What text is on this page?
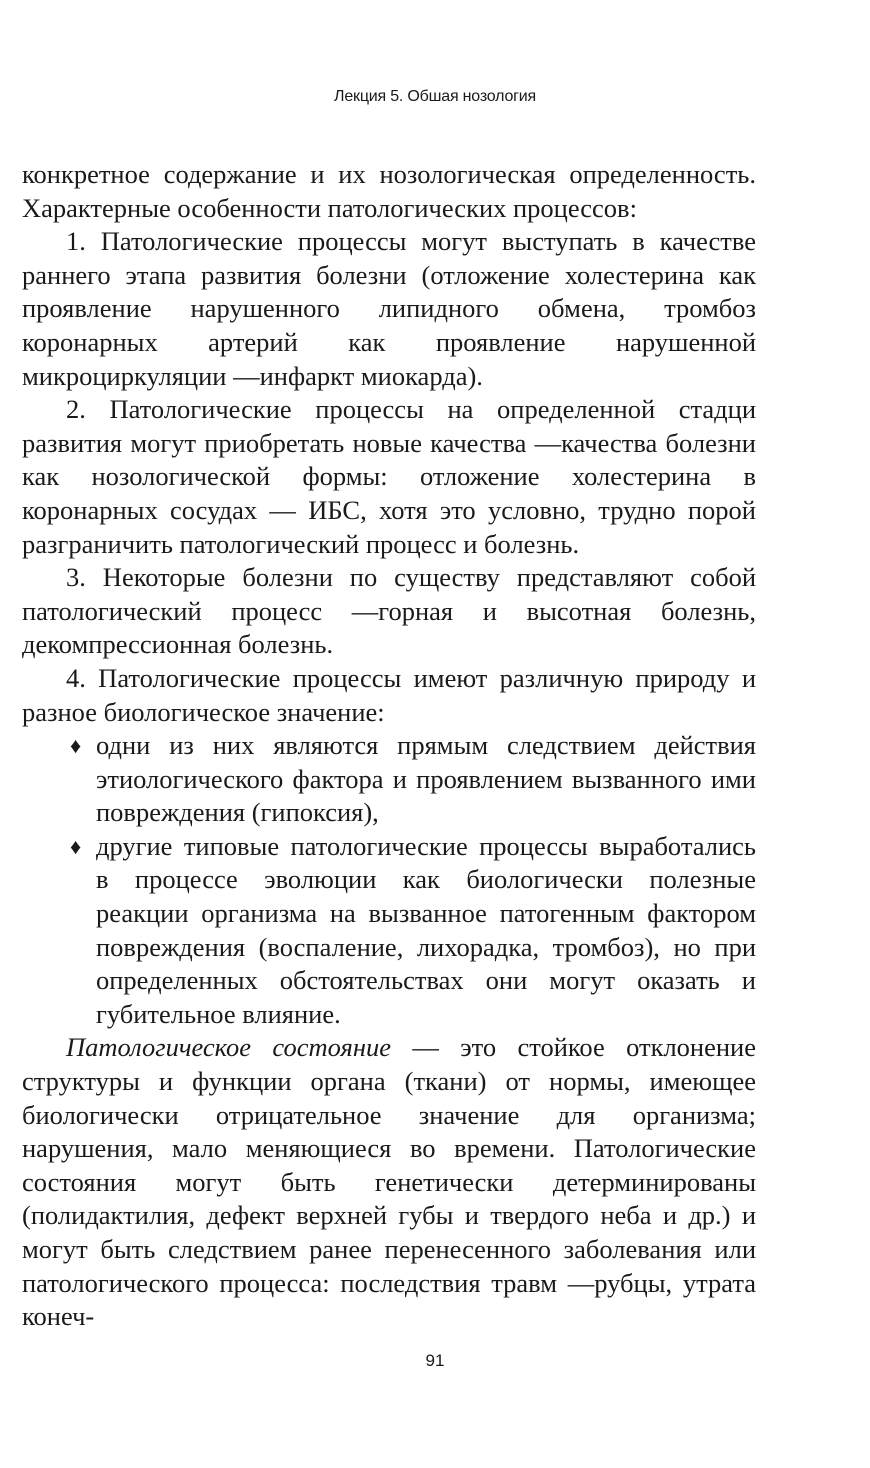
Лекция 5. Обшая нозология

конкретное содержание и их нозологическая определенность. Характерные особенности патологических процессов:

1. Патологические процессы могут выступать в качестве раннего этапа развития болезни (отложение холестерина как проявление нарушенного липидного обмена, тромбоз коронарных артерий как проявление нарушенной микроциркуляции —инфаркт миокарда).

2. Патологические процессы на определенной стадци развития могут приобретать новые качества —качества болезни как нозологической формы: отложение холестерина в коронарных сосудах — ИБС, хотя это условно, трудно порой разграничить патологический процесс и болезнь.

3. Некоторые болезни по существу представляют собой патологический процесс —горная и высотная болезнь, декомпрессионная болезнь.

4. Патологические процессы имеют различную природу и разное биологическое значение:

♦ одни из них являются прямым следствием действия этиологического фактора и проявлением вызванного ими повреждения (гипоксия),
♦ другие типовые патологические процессы выработались в процессе эволюции как биологически полезные реакции организма на вызванное патогенным фактором повреждения (воспаление, лихорадка, тромбоз), но при определенных обстоятельствах они могут оказать и губительное влияние.

Патологическое состояние — это стойкое отклонение структуры и функции органа (ткани) от нормы, имеющее биологически отрицательное значение для организма; нарушения, мало меняющиеся во времени. Патологические состояния могут быть генетически детерминированы (полидактилия, дефект верхней губы и твердого неба и др.) и могут быть следствием ранее перенесенного заболевания или патологического процесса: последствия травм —рубцы, утрата конеч-

91
